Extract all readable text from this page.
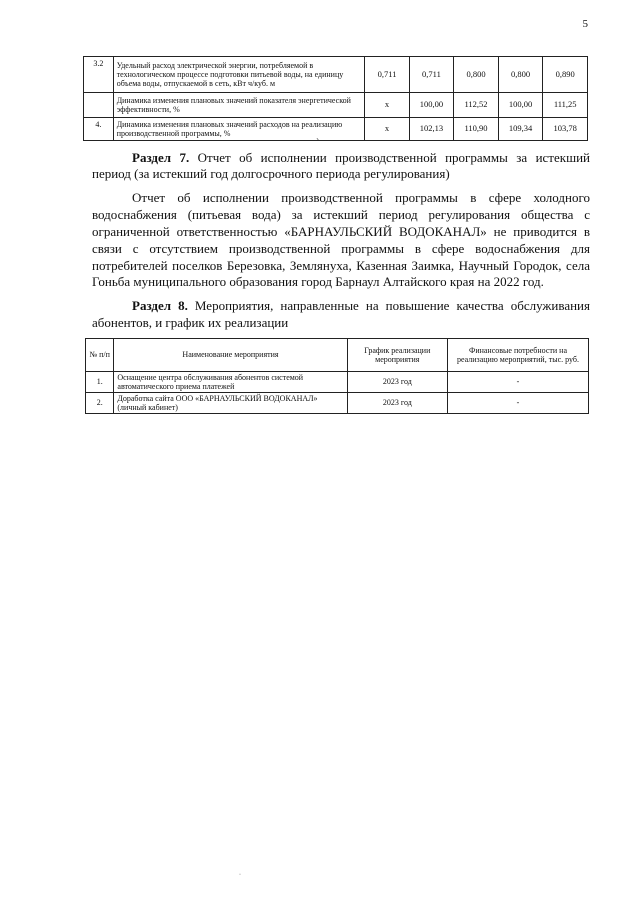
5
3.2	Удельный расход электрической энергии, потребляемой в технологическом процессе подготовки питьевой воды, на единицу объема воды, отпускаемой в сеть, кВт ч/куб. м	0,711	0,711	0,800	0,800	0,890
	Динамика изменения плановых значений показателя энергетической эффективности, %	x	100,00	112,52	100,00	111,25
4.	Динамика изменения плановых значений расходов на реализацию производственной программы, %	x	102,13	110,90	109,34	103,78
ˋ
Раздел 7. Отчет об исполнении производственной программы за истекший период (за истекший год долгосрочного периода регулирования)
Отчет об исполнении производственной программы в сфере холодного водоснабжения (питьевая вода) за истекший период регулирования общества с ограниченной ответственностью «БАРНАУЛЬСКИЙ ВОДОКАНАЛ» не приводится в связи с отсутствием производственной программы в сфере водоснабжения для потребителей поселков Березовка, Землянуха, Казенная Заимка, Научный Городок, села Гоньба муниципального образования город Барнаул Алтайского края на 2022 год.
Раздел 8. Мероприятия, направленные на повышение качества обслуживания абонентов, и график их реализации
№ п/п	Наименование мероприятия	График реализации мероприятия	Финансовые потребности на реализацию мероприятий, тыс. руб.
1.	Оснащение центра обслуживания абонентов системой автоматического приема платежей	2023 год	-
2.	Доработка сайта ООО «БАРНАУЛЬСКИЙ ВОДОКАНАЛ» (личный кабинет)	2023 год	-
·
